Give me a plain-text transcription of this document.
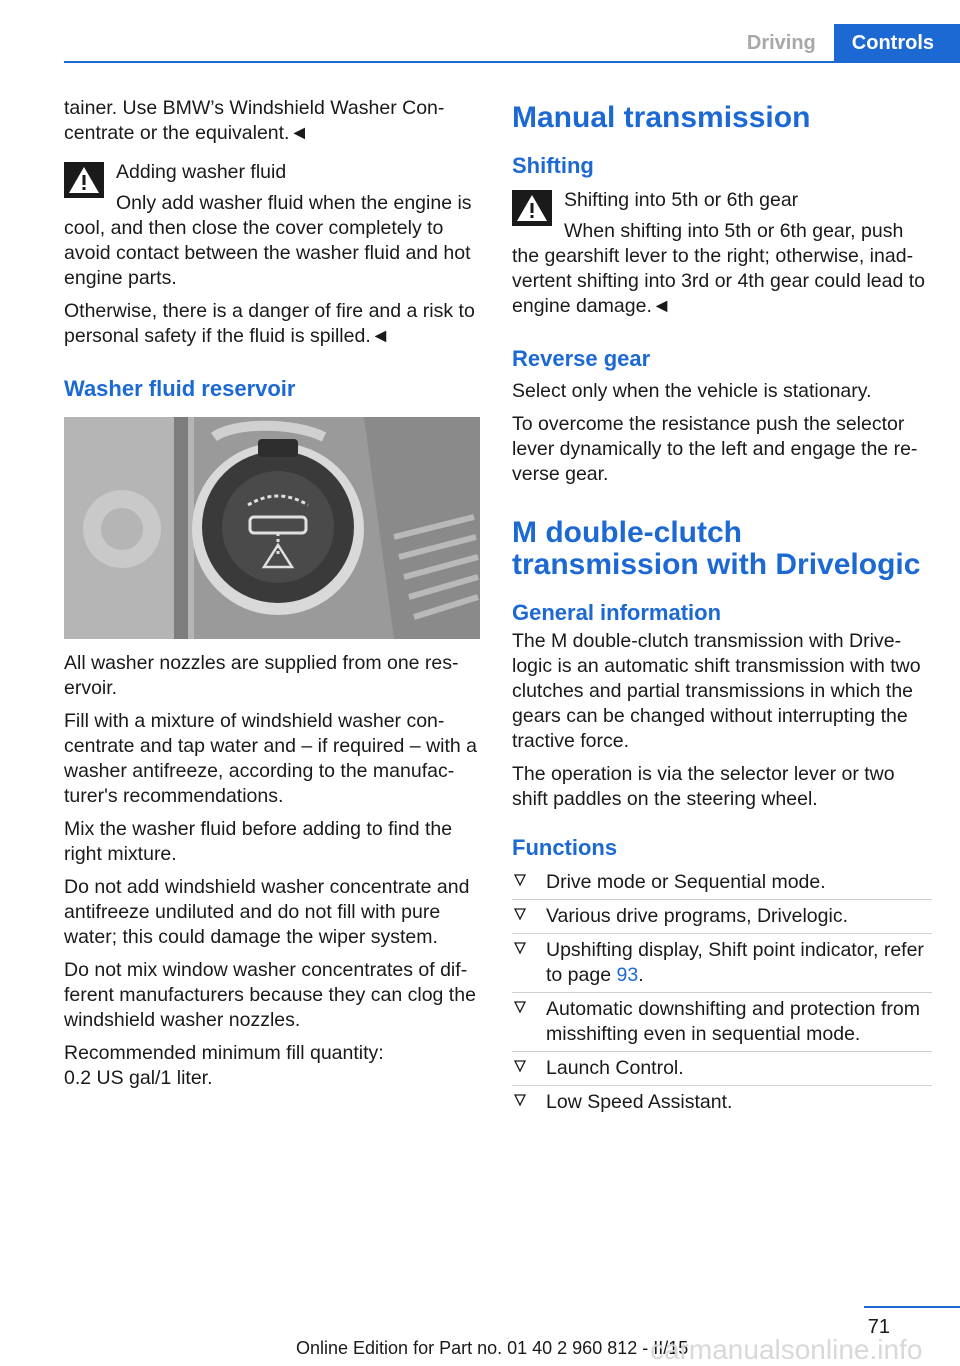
Driving	Controls

tainer. Use BMW’s Windshield Washer Concentrate or the equivalent.◄

Adding washer fluid

Only add washer fluid when the engine is cool, and then close the cover completely to avoid contact between the washer fluid and hot engine parts.

Otherwise, there is a danger of fire and a risk to personal safety if the fluid is spilled.◄

Washer fluid reservoir

All washer nozzles are supplied from one reservoir.

Fill with a mixture of windshield washer concentrate and tap water and – if required – with a washer antifreeze, according to the manufacturer's recommendations.

Mix the washer fluid before adding to find the right mixture.

Do not add windshield washer concentrate and antifreeze undiluted and do not fill with pure water; this could damage the wiper system.

Do not mix window washer concentrates of different manufacturers because they can clog the windshield washer nozzles.

Recommended minimum fill quantity:
0.2 US gal/1 liter.

Manual transmission
Shifting

Shifting into 5th or 6th gear

When shifting into 5th or 6th gear, push the gearshift lever to the right; otherwise, inadvertent shifting into 3rd or 4th gear could lead to engine damage.◄

Reverse gear

Select only when the vehicle is stationary.

To overcome the resistance push the selector lever dynamically to the left and engage the reverse gear.

M double-clutch
transmission with Drivelogic
General information

The M double-clutch transmission with Drivelogic is an automatic shift transmission with two clutches and partial transmissions in which the gears can be changed without interrupting the tractive force.

The operation is via the selector lever or two shift paddles on the steering wheel.

Functions
Drive mode or Sequential mode.
Various drive programs, Drivelogic.
Upshifting display, Shift point indicator, refer to page 93.
Automatic downshifting and protection from misshifting even in sequential mode.
Launch Control.
Low Speed Assistant.
71
Online Edition for Part no. 01 40 2 960 812 - II/15
carmanualsonline.info
